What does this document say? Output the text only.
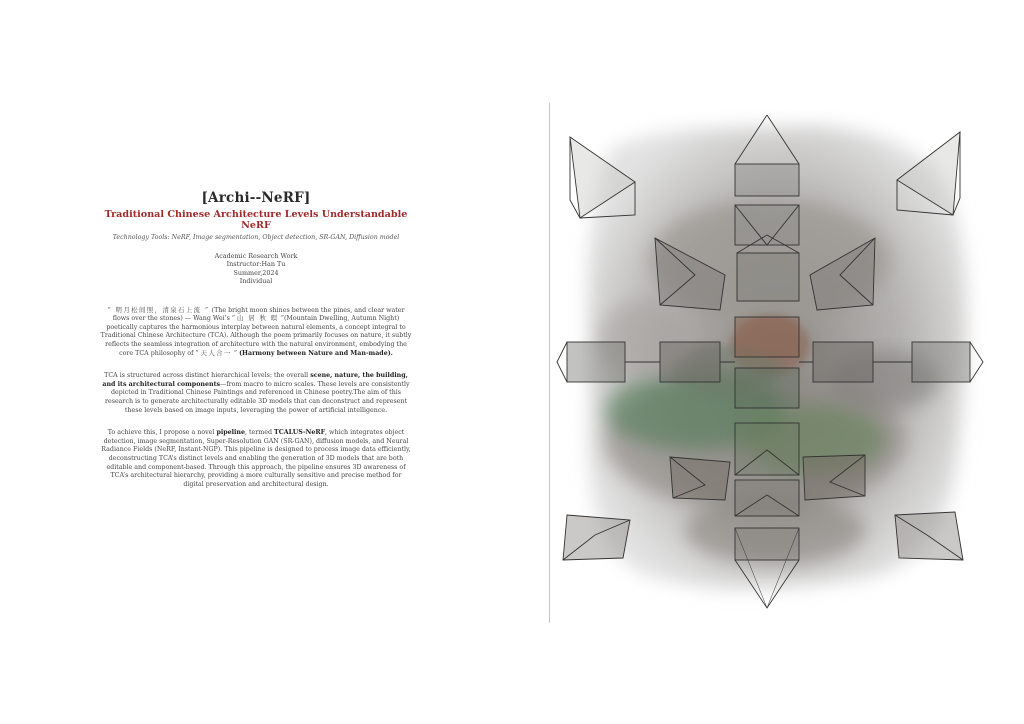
[Archi--NeRF]
Traditional Chinese Architecture Levels Understandable NeRF

Technology Tools: NeRF, Image segmentation, Object detection, SR-GAN, Diffusion model

Academic Research Work
Instructor:Han Tu
Summer,2024
Individual

“ 明月松间照，清泉石上流 ” (The bright moon shines between the pines, and clear water flows over the stones) — Wang Wei’s “ 山 居 秋 暝 ”(Mountain Dwelling, Autumn Night) poetically captures the harmonious interplay between natural elements, a concept integral to Traditional Chinese Architecture (TCA). Although the poem primarily focuses on nature, it subtly reflects the seamless integration of architecture with the natural environment, embodying the core TCA philosophy of “ 天人合一 ” (Harmony between Nature and Man-made).

TCA is structured across distinct hierarchical levels: the overall scene, nature, the building, and its architectural components—from macro to micro scales. These levels are consistently depicted in Traditional Chinese Paintings and referenced in Chinese poetry.The aim of this research is to generate architecturally editable 3D models that can deconstruct and represent these levels based on image inputs, leveraging the power of artificial intelligence.

To achieve this, I propose a novel pipeline, termed TCALUS-NeRF, which integrates object detection, image segmentation, Super-Resolution GAN (SR-GAN), diffusion models, and Neural Radiance Fields (NeRF, Instant-NGP). This pipeline is designed to process image data efficiently, deconstructing TCA’s distinct levels and enabling the generation of 3D models that are both editable and component-based. Through this approach, the pipeline ensures 3D awareness of TCA’s architectural hierarchy, providing a more culturally sensitive and precise method for digital preservation and architectural design.
